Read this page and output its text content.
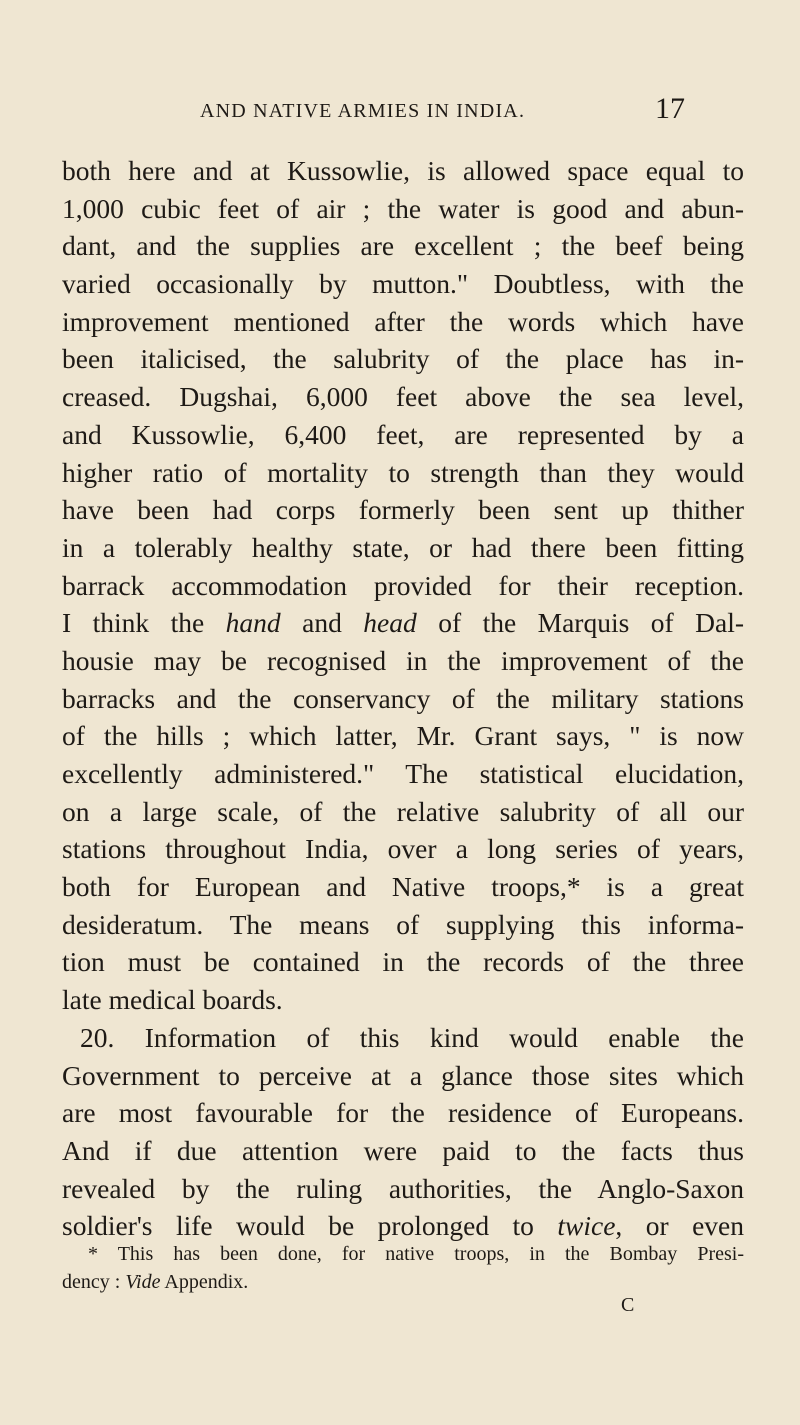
AND NATIVE ARMIES IN INDIA.	17
both here and at Kussowlie, is allowed space equal to
1,000 cubic feet of air ; the water is good and abun-
dant, and the supplies are excellent ; the beef being
varied occasionally by mutton." Doubtless, with the
improvement mentioned after the words which have
been italicised, the salubrity of the place has in-
creased. Dugshai, 6,000 feet above the sea level,
and Kussowlie, 6,400 feet, are represented by a
higher ratio of mortality to strength than they would
have been had corps formerly been sent up thither
in a tolerably healthy state, or had there been fitting
barrack accommodation provided for their reception.
I think the hand and head of the Marquis of Dal-
housie may be recognised in the improvement of the
barracks and the conservancy of the military stations
of the hills ; which latter, Mr. Grant says, " is now
excellently administered." The statistical elucidation,
on a large scale, of the relative salubrity of all our
stations throughout India, over a long series of years,
both for European and Native troops,* is a great
desideratum. The means of supplying this informa-
tion must be contained in the records of the three
late medical boards.
20. Information of this kind would enable the
Government to perceive at a glance those sites which
are most favourable for the residence of Europeans.
And if due attention were paid to the facts thus
revealed by the ruling authorities, the Anglo-Saxon
soldier's life would be prolonged to twice, or even
* This has been done, for native troops, in the Bombay Presi-
dency : Vide Appendix.
C
